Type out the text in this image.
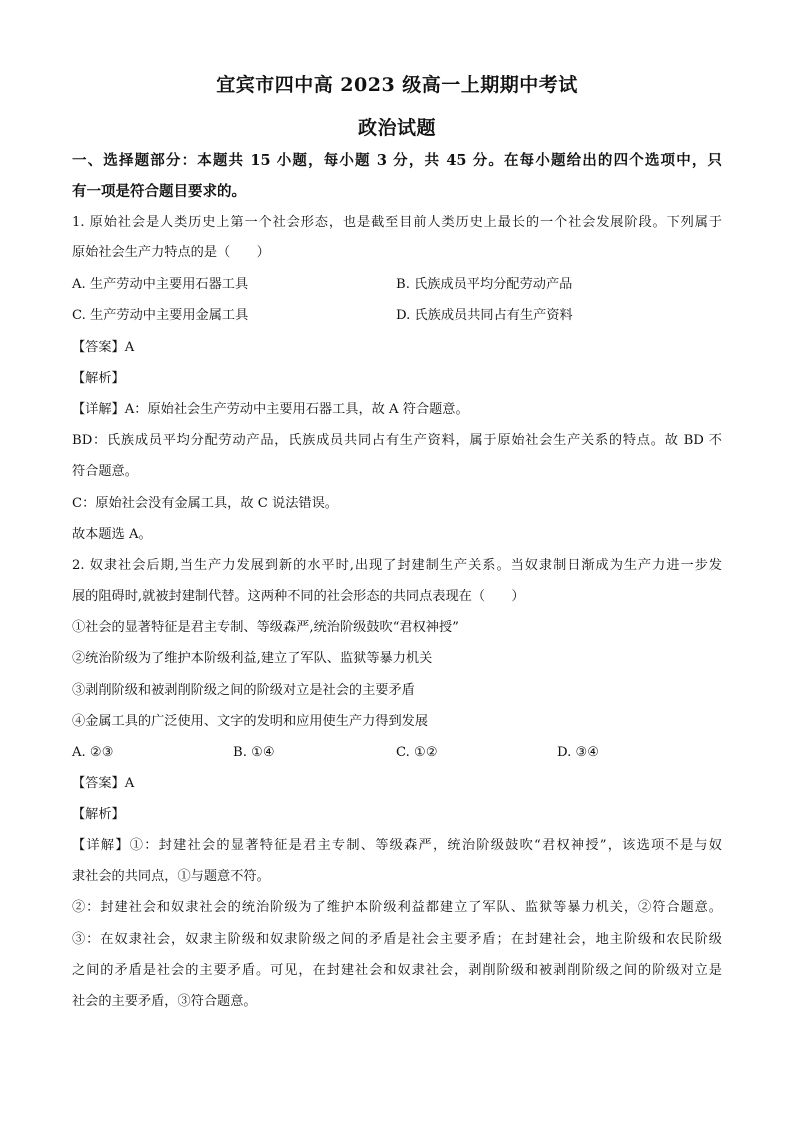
宜宾市四中高 2023 级高一上期期中考试
政治试题
一、选择题部分：本题共 15 小题，每小题 3 分，共 45 分。在每小题给出的四个选项中，只
有一项是符合题目要求的。
1. 原始社会是人类历史上第一个社会形态，也是截至目前人类历史上最长的一个社会发展阶段。下列属于
原始社会生产力特点的是（　　）
A. 生产劳动中主要用石器工具	B. 氏族成员平均分配劳动产品
C. 生产劳动中主要用金属工具	D. 氏族成员共同占有生产资料
【答案】A
【解析】
【详解】A：原始社会生产劳动中主要用石器工具，故 A 符合题意。
BD：氏族成员平均分配劳动产品，氏族成员共同占有生产资料，属于原始社会生产关系的特点。故 BD 不
符合题意。
C：原始社会没有金属工具，故 C 说法错误。
故本题选 A。
2. 奴隶社会后期,当生产力发展到新的水平时,出现了封建制生产关系。当奴隶制日渐成为生产力进一步发
展的阻碍时,就被封建制代替。这两种不同的社会形态的共同点表现在（　　）
①社会的显著特征是君主专制、等级森严,统治阶级鼓吹“君权神授”
②统治阶级为了维护本阶级利益,建立了军队、监狱等暴力机关
③剥削阶级和被剥削阶级之间的阶级对立是社会的主要矛盾
④金属工具的广泛使用、文字的发明和应用使生产力得到发展
A. ②③	B. ①④	C. ①②	D. ③④
【答案】A
【解析】
【详解】①：封建社会的显著特征是君主专制、等级森严，统治阶级鼓吹“君权神授”，该选项不是与奴
隶社会的共同点，①与题意不符。
②：封建社会和奴隶社会的统治阶级为了维护本阶级利益都建立了军队、监狱等暴力机关，②符合题意。
③：在奴隶社会，奴隶主阶级和奴隶阶级之间的矛盾是社会主要矛盾；在封建社会，地主阶级和农民阶级
之间的矛盾是社会的主要矛盾。可见，在封建社会和奴隶社会，剥削阶级和被剥削阶级之间的阶级对立是
社会的主要矛盾，③符合题意。
